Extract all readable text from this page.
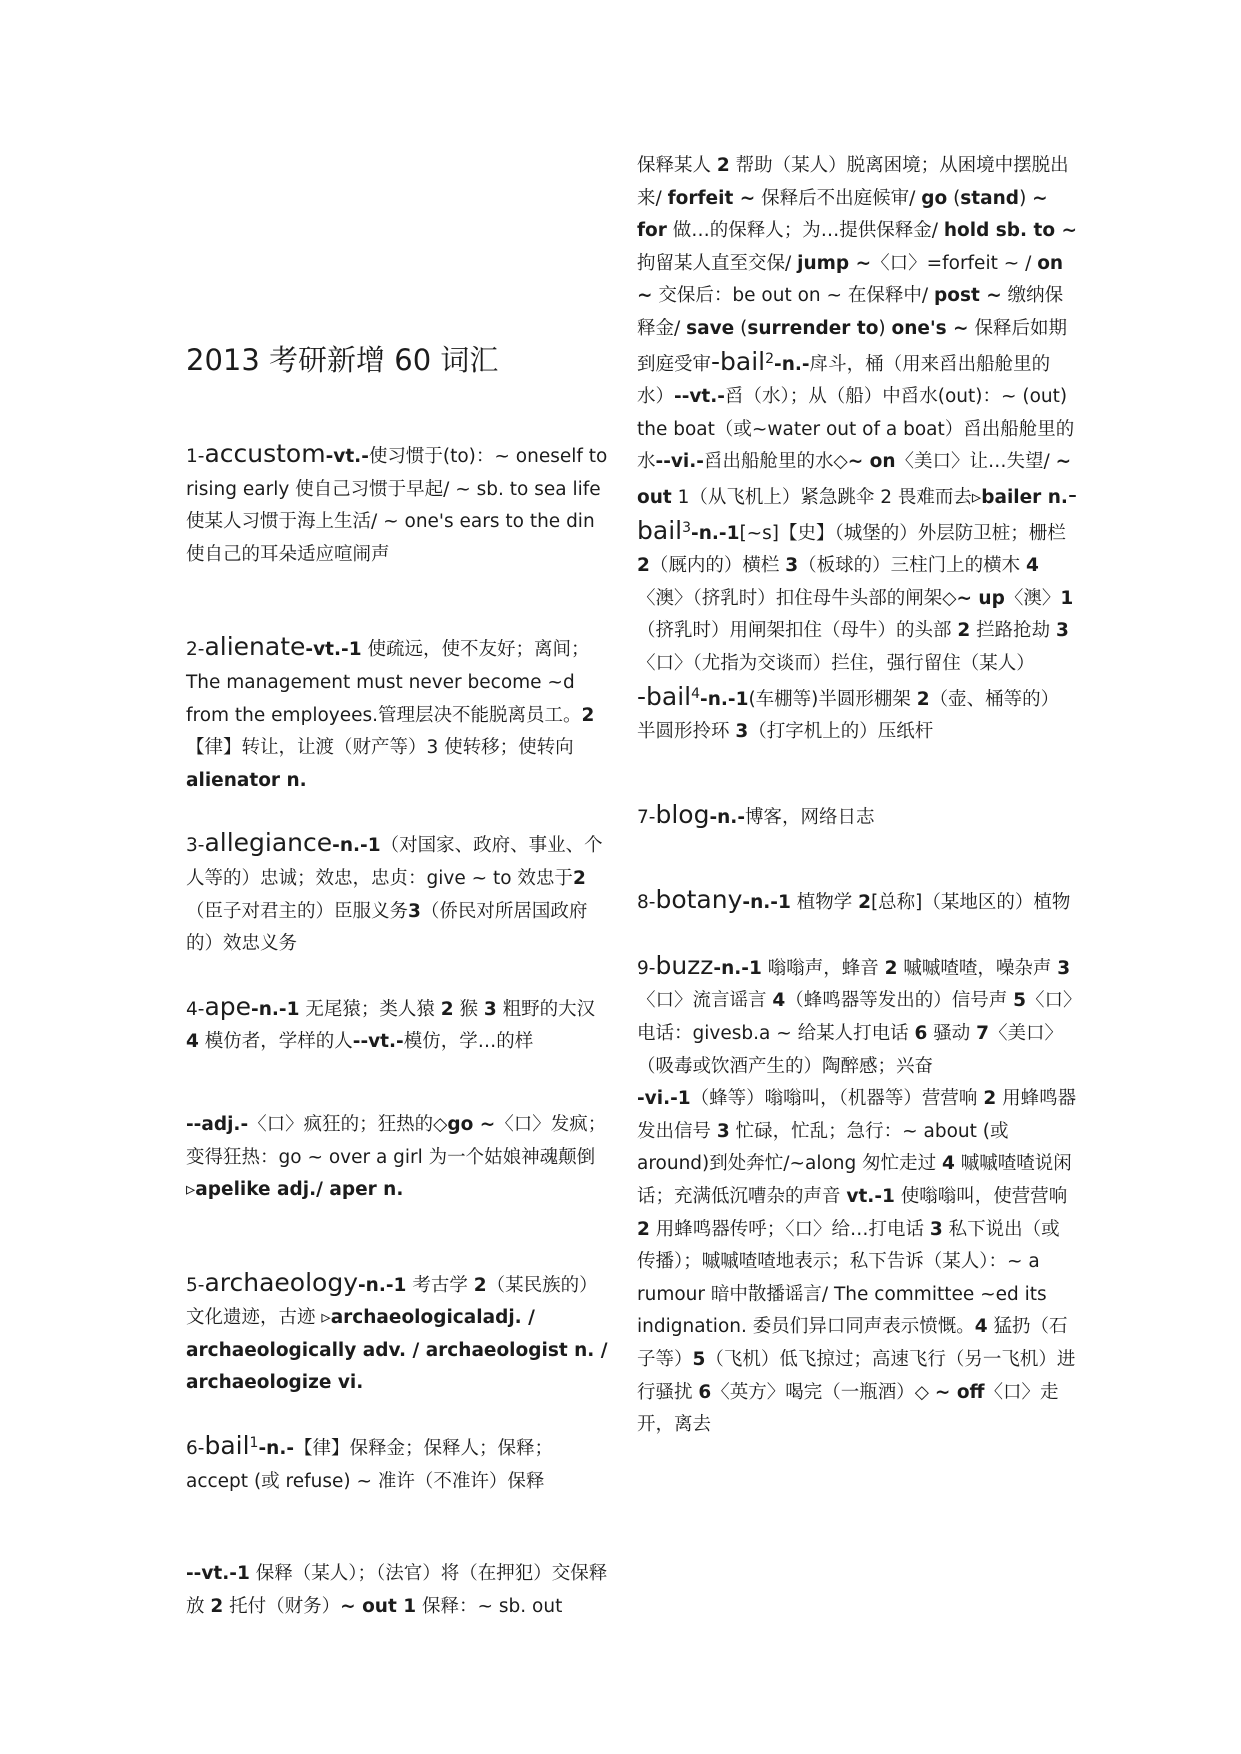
2013 考研新增 60 词汇

1-accustom-vt.-使习惯于(to)：~ oneself to rising early 使自己习惯于早起/ ~ sb. to sea life 使某人习惯于海上生活/ ~ one's ears to the din 使自己的耳朵适应喧闹声

2-alienate-vt.-1 使疏远，使不友好；离间；The management must never become ~d from the employees.管理层决不能脱离员工。2【律】转让，让渡（财产等）3 使转移；使转向

alienator n.

3-allegiance-n.-1（对国家、政府、事业、个人等的）忠诚；效忠，忠贞：give ~ to 效忠于2（臣子对君主的）臣服义务3（侨民对所居国政府的）效忠义务

4-ape-n.-1 无尾猿；类人猿 2 猴 3 粗野的大汉 4 模仿者，学样的人--vt.-模仿，学…的样

--adj.-〈口〉疯狂的；狂热的◇go ~〈口〉发疯；变得狂热：go ~ over a girl 为一个姑娘神魂颠倒

▹apelike adj./ aper n.

5-archaeology-n.-1 考古学 2（某民族的）文化遗迹，古迹 ▹archaeologicaladj. / archaeologically adv. / archaeologist n. / archaeologize vi.

6-bail$^1$-n.-【律】保释金；保释人；保释；accept (或 refuse) ~ 准许（不准许）保释

--vt.-1 保释（某人）；（法官）将（在押犯）交保释放 2 托付（财务）~ out 1 保释：~ sb. out

保释某人 2 帮助（某人）脱离困境；从困境中摆脱出来/ forfeit ~ 保释后不出庭候审/ go (stand) ~ for 做…的保释人；为…提供保释金/ hold sb. to ~ 拘留某人直至交保/ jump ~〈口〉=forfeit ~ / on ~ 交保后：be out on ~ 在保释中/ post ~ 缴纳保释金/ save (surrender to) one's ~ 保释后如期到庭受审-bail$^2$-n.-戽斗，桶（用来舀出船舱里的水）--vt.-舀（水）；从（船）中舀水(out)：~ (out) the boat（或~water out of a boat）舀出船舱里的水--vi.-舀出船舱里的水◇~ on〈美口〉让…失望/ ~ out 1（从飞机上）紧急跳伞 2 畏难而去▹bailer n.-bail$^3$-n.-1[~s]【史】（城堡的）外层防卫桩；栅栏 2（厩内的）横栏 3（板球的）三柱门上的横木 4〈澳〉（挤乳时）扣住母牛头部的闸架◇~ up〈澳〉1（挤乳时）用闸架扣住（母牛）的头部 2 拦路抢劫 3〈口〉（尤指为交谈而）拦住，强行留住（某人）

-bail$^4$-n.-1(车棚等)半圆形棚架 2（壶、桶等的）半圆形拎环 3（打字机上的）压纸杆

7-blog-n.-博客，网络日志

8-botany-n.-1 植物学 2[总称]（某地区的）植物

9-buzz-n.-1 嗡嗡声，蜂音 2 嘁嘁喳喳，噪杂声 3〈口〉流言谣言 4（蜂鸣器等发出的）信号声 5〈口〉电话：givesb.a ~ 给某人打电话 6 骚动 7〈美口〉（吸毒或饮酒产生的）陶醉感；兴奋

-vi.-1（蜂等）嗡嗡叫，（机器等）营营响 2 用蜂鸣器发出信号 3 忙碌，忙乱；急行：~ about (或 around)到处奔忙/~along 匆忙走过 4 嘁嘁喳喳说闲话；充满低沉嘈杂的声音 vt.-1 使嗡嗡叫，使营营响 2 用蜂鸣器传呼；〈口〉给…打电话 3 私下说出（或传播）；嘁嘁喳喳地表示；私下告诉（某人）：~ a rumour 暗中散播谣言/ The committee ~ed its indignation. 委员们异口同声表示愤慨。4 猛扔（石子等）5（飞机）低飞掠过；高速飞行（另一飞机）进行骚扰 6〈英方〉喝完（一瓶酒）◇ ~ off〈口〉走开，离去
